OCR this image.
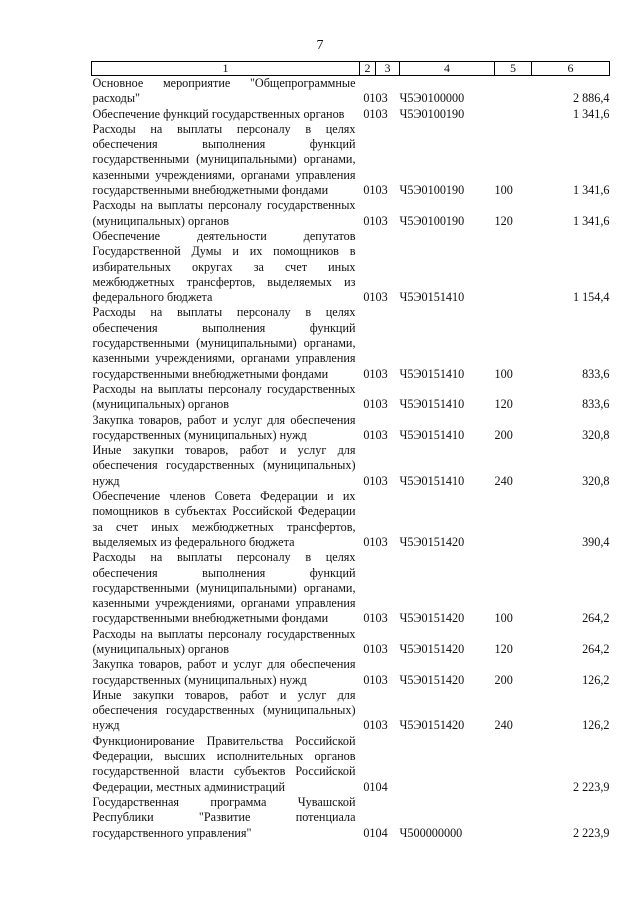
7
1	2	3	4	5	6
Основное мероприятие "Общепрограммные расходы"	01	03	Ч5Э0100000		2 886,4
Обеспечение функций государственных органов	01	03	Ч5Э0100190		1 341,6
Расходы на выплаты персоналу в целях обеспечения выполнения функций государственными (муниципальными) органами, казенными учреждениями, органами управления государственными внебюджетными фондами	01	03	Ч5Э0100190	100	1 341,6
Расходы на выплаты персоналу государственных (муниципальных) органов	01	03	Ч5Э0100190	120	1 341,6
Обеспечение деятельности депутатов Государственной Думы и их помощников в избирательных округах за счет иных межбюджетных трансфертов, выделяемых из федерального бюджета	01	03	Ч5Э0151410		1 154,4
Расходы на выплаты персоналу в целях обеспечения выполнения функций государственными (муниципальными) органами, казенными учреждениями, органами управления государственными внебюджетными фондами	01	03	Ч5Э0151410	100	833,6
Расходы на выплаты персоналу государственных (муниципальных) органов	01	03	Ч5Э0151410	120	833,6
Закупка товаров, работ и услуг для обеспечения государственных (муниципальных) нужд	01	03	Ч5Э0151410	200	320,8
Иные закупки товаров, работ и услуг для обеспечения государственных (муниципальных) нужд	01	03	Ч5Э0151410	240	320,8
Обеспечение членов Совета Федерации и их помощников в субъектах Российской Федерации за счет иных межбюджетных трансфертов, выделяемых из федерального бюджета	01	03	Ч5Э0151420		390,4
Расходы на выплаты персоналу в целях обеспечения выполнения функций государственными (муниципальными) органами, казенными учреждениями, органами управления государственными внебюджетными фондами	01	03	Ч5Э0151420	100	264,2
Расходы на выплаты персоналу государственных (муниципальных) органов	01	03	Ч5Э0151420	120	264,2
Закупка товаров, работ и услуг для обеспечения государственных (муниципальных) нужд	01	03	Ч5Э0151420	200	126,2
Иные закупки товаров, работ и услуг для обеспечения государственных (муниципальных) нужд	01	03	Ч5Э0151420	240	126,2
Функционирование Правительства Российской Федерации, высших исполнительных органов государственной власти субъектов Российской Федерации, местных администраций	01	04			2 223,9
Государственная программа Чувашской Республики "Развитие потенциала государственного управления"	01	04	Ч500000000		2 223,9
